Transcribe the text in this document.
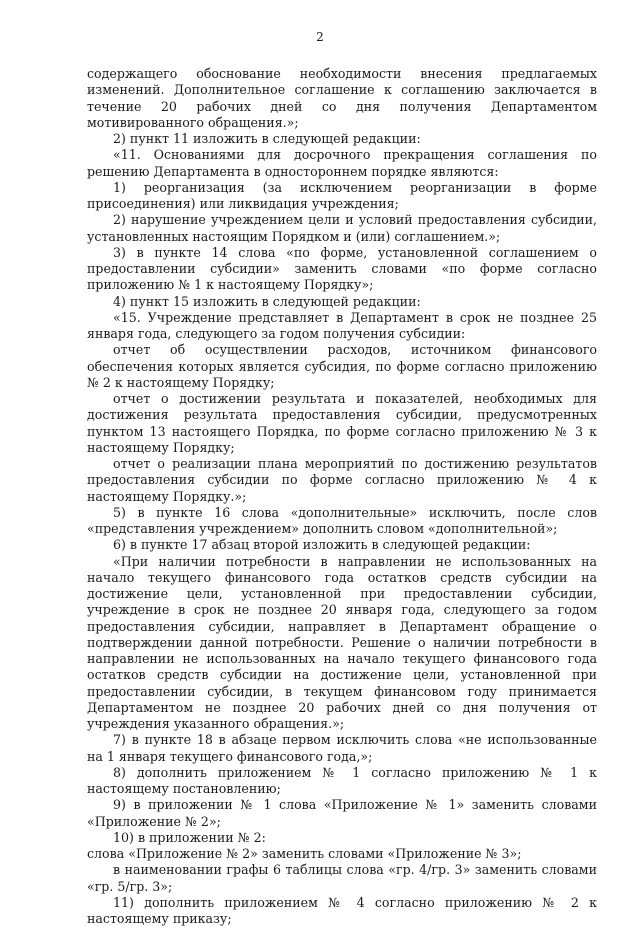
2

содержащего обоснование необходимости внесения предлагаемых изменений. Дополнительное соглашение к соглашению заключается в течение 20 рабочих дней со дня получения Департаментом мотивированного обращения.»;

2) пункт 11 изложить в следующей редакции:

«11. Основаниями для досрочного прекращения соглашения по решению Департамента в одностороннем порядке являются:

1) реорганизация (за исключением реорганизации в форме присоединения) или ликвидация учреждения;

2) нарушение учреждением цели и условий предоставления субсидии, установленных настоящим Порядком и (или) соглашением.»;

3) в пункте 14 слова «по форме, установленной соглашением о предоставлении субсидии» заменить словами «по форме согласно приложению № 1 к настоящему Порядку»;

4) пункт 15 изложить в следующей редакции:

«15. Учреждение представляет в Департамент в срок не позднее 25 января года, следующего за годом получения субсидии:

отчет об осуществлении расходов, источником финансового обеспечения которых является субсидия, по форме согласно приложению № 2 к настоящему Порядку;

отчет о достижении результата и показателей, необходимых для достижения результата предоставления субсидии, предусмотренных пунктом 13 настоящего Порядка, по форме согласно приложению № 3 к настоящему Порядку;

отчет о реализации плана мероприятий по достижению результатов предоставления субсидии по форме согласно приложению № 4 к настоящему Порядку.»;

5) в пункте 16 слова «дополнительные» исключить, после слов «представления учреждением» дополнить словом «дополнительной»;

6) в пункте 17 абзац второй изложить в следующей редакции:

«При наличии потребности в направлении не использованных на начало текущего финансового года остатков средств субсидии на достижение цели, установленной при предоставлении субсидии, учреждение в срок не позднее 20 января года, следующего за годом предоставления субсидии, направляет в Департамент обращение о подтверждении данной потребности. Решение о наличии потребности в направлении не использованных на начало текущего финансового года остатков средств субсидии на достижение цели, установленной при предоставлении субсидии, в текущем финансовом году принимается Департаментом не позднее 20 рабочих дней со дня получения от учреждения указанного обращения.»;

7) в пункте 18 в абзаце первом исключить слова «не использованные на 1 января текущего финансового года,»;

8) дополнить приложением № 1 согласно приложению № 1 к настоящему постановлению;

9) в приложении № 1 слова «Приложение № 1» заменить словами «Приложение № 2»;

10) в приложении № 2:

слова «Приложение № 2» заменить словами «Приложение № 3»;

в наименовании графы 6 таблицы слова «гр. 4/гр. 3» заменить словами «гр. 5/гр. 3»;

11) дополнить приложением № 4 согласно приложению № 2 к настоящему приказу;
